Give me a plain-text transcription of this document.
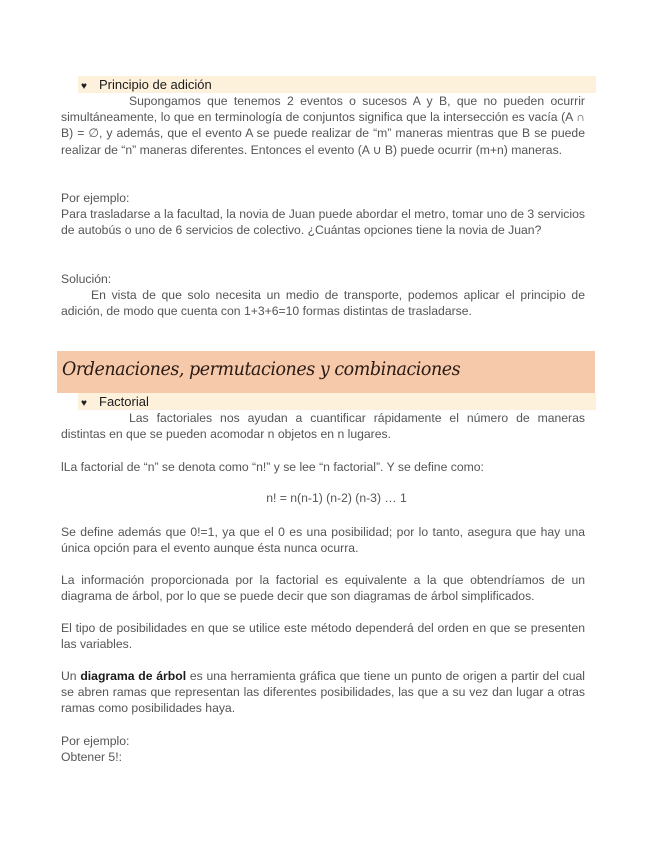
♥ Principio de adición

Supongamos que tenemos 2 eventos o sucesos A y B, que no pueden ocurrir simultáneamente, lo que en terminología de conjuntos significa que la intersección es vacía (A ∩ B) = ∅, y además, que el evento A se puede realizar de “m” maneras mientras que B se puede realizar de “n” maneras diferentes. Entonces el evento (A ∪ B) puede ocurrir (m+n) maneras.

Por ejemplo:

Para trasladarse a la facultad, la novia de Juan puede abordar el metro, tomar uno de 3 servicios de autobús o uno de 6 servicios de colectivo. ¿Cuántas opciones tiene la novia de Juan?

Solución:

En vista de que solo necesita un medio de transporte, podemos aplicar el principio de adición, de modo que cuenta con 1+3+6=10 formas distintas de trasladarse.

Ordenaciones, permutaciones y combinaciones
♥ Factorial

Las factoriales nos ayudan a cuantificar rápidamente el número de maneras distintas en que se pueden acomodar n objetos en n lugares.

lLa factorial de “n” se denota como “n!” y se lee “n factorial”. Y se define como:

n! = n(n-1) (n-2) (n-3) … 1

Se define además que 0!=1, ya que el 0 es una posibilidad; por lo tanto, asegura que hay una única opción para el evento aunque ésta nunca ocurra.

La información proporcionada por la factorial es equivalente a la que obtendríamos de un diagrama de árbol, por lo que se puede decir que son diagramas de árbol simplificados.

El tipo de posibilidades en que se utilice este método dependerá del orden en que se presenten las variables.

Un diagrama de árbol es una herramienta gráfica que tiene un punto de origen a partir del cual se abren ramas que representan las diferentes posibilidades, las que a su vez dan lugar a otras ramas como posibilidades haya.

Por ejemplo:

Obtener 5!:
